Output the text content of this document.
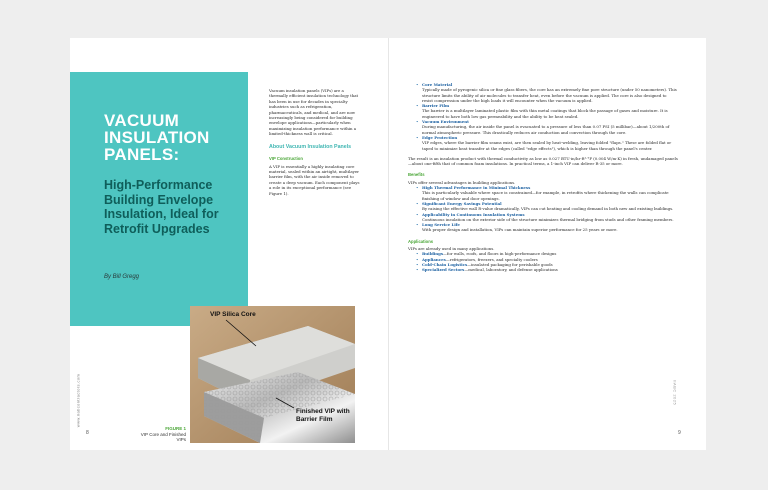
VACUUM INSULATION PANELS:
High-Performance Building Envelope Insulation, Ideal for Retrofit Upgrades
By Bill Gregg
VIP Silica Core
Finished VIP with Barrier Film
FIGURE 1
VIP Core and Finished VIPs
www.iiabcontractors.com
8

Vacuum insulation panels (VIPs) are a thermally efficient insulation technology that has been in use for decades in specialty industries such as refrigeration, pharmaceuticals, and medical, and are now increasingly being considered for building envelope applications—particularly when maximizing insulation performance within a limited-thickness wall is critical.

About Vacuum Insulation Panels
VIP Construction

A VIP is essentially a highly insulating core material, sealed within an airtight, multilayer barrier film, with the air inside removed to create a deep vacuum. Each component plays a role in its exceptional performance (see Figure 1).

• Core Material
Typically made of pyrogenic silica or fine glass fibers, the core has an extremely fine pore structure (under 50 nanometers). This structure limits the ability of air molecules to transfer heat, even before the vacuum is applied. The core is also designed to resist compression under the high loads it will encounter when the vacuum is applied.
• Barrier Film
The barrier is a multilayer laminated plastic film with thin metal coatings that block the passage of gases and moisture. It is engineered to have both low gas permeability and the ability to be heat sealed.
• Vacuum Environment
During manufacturing, the air inside the panel is evacuated to a pressure of less than 0.07 PSI (5 millibar)—about 1/200th of normal atmospheric pressure. This drastically reduces air conduction and convection through the core.
• Edge Protection
VIP edges, where the barrier film seams exist, are then sealed by heat-welding, leaving folded "flaps." These are folded flat or taped to minimize heat transfer at the edges (called "edge effects"), which is higher than through the panel's center.

The result is an insulation product with thermal conductivity as low as 0.027 BTU·in/hr·ft²·°F (0.004 W/m·K) in fresh, undamaged panels—about one-fifth that of common foam insulations. In practical terms, a 1-inch VIP can deliver R-35 or more.

Benefits
VIPs offer several advantages in building applications.
• High Thermal Performance in Minimal Thickness
This is particularly valuable where space is constrained—for example, in retrofits where thickening the walls can complicate finishing of window and door openings.
• Significant Energy Savings Potential
By raising the effective wall R-value dramatically, VIPs can cut heating and cooling demand in both new and existing buildings.
• Applicability in Continuous Insulation Systems
Continuous insulation on the exterior side of the structure minimizes thermal bridging from studs and other framing members.
• Long Service Life
With proper design and installation, VIPs can maintain superior performance for 25 years or more.
Applications
VIPs are already used in many applications.
• Buildings—for walls, roofs, and floors in high-performance designs
• Appliances—refrigerators, freezers, and specialty coolers
• Cold-Chain Logistics—insulated packaging for perishable goods
• Specialized Sectors—medical, laboratory, and defense applications
IIABC 2025
9
